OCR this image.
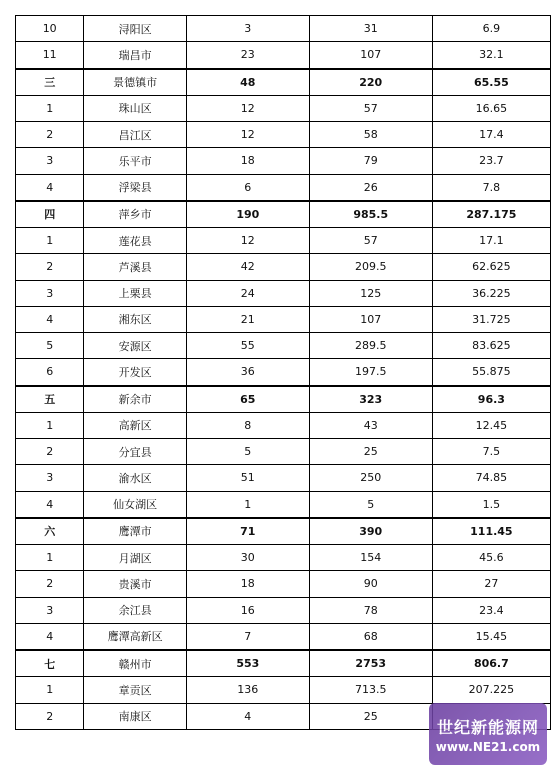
10	浔阳区	3	31	6.9
11	瑞昌市	23	107	32.1
三	景德镇市	48	220	65.55
1	珠山区	12	57	16.65
2	昌江区	12	58	17.4
3	乐平市	18	79	23.7
4	浮梁县	6	26	7.8
四	萍乡市	190	985.5	287.175
1	莲花县	12	57	17.1
2	芦溪县	42	209.5	62.625
3	上栗县	24	125	36.225
4	湘东区	21	107	31.725
5	安源区	55	289.5	83.625
6	开发区	36	197.5	55.875
五	新余市	65	323	96.3
1	高新区	8	43	12.45
2	分宜县	5	25	7.5
3	渝水区	51	250	74.85
4	仙女湖区	1	5	1.5
六	鹰潭市	71	390	111.45
1	月湖区	30	154	45.6
2	贵溪市	18	90	27
3	余江县	16	78	23.4
4	鹰潭高新区	7	68	15.45
七	赣州市	553	2753	806.7
1	章贡区	136	713.5	207.225
2	南康区	4	25	
世纪新能源网
www.NE21.com
